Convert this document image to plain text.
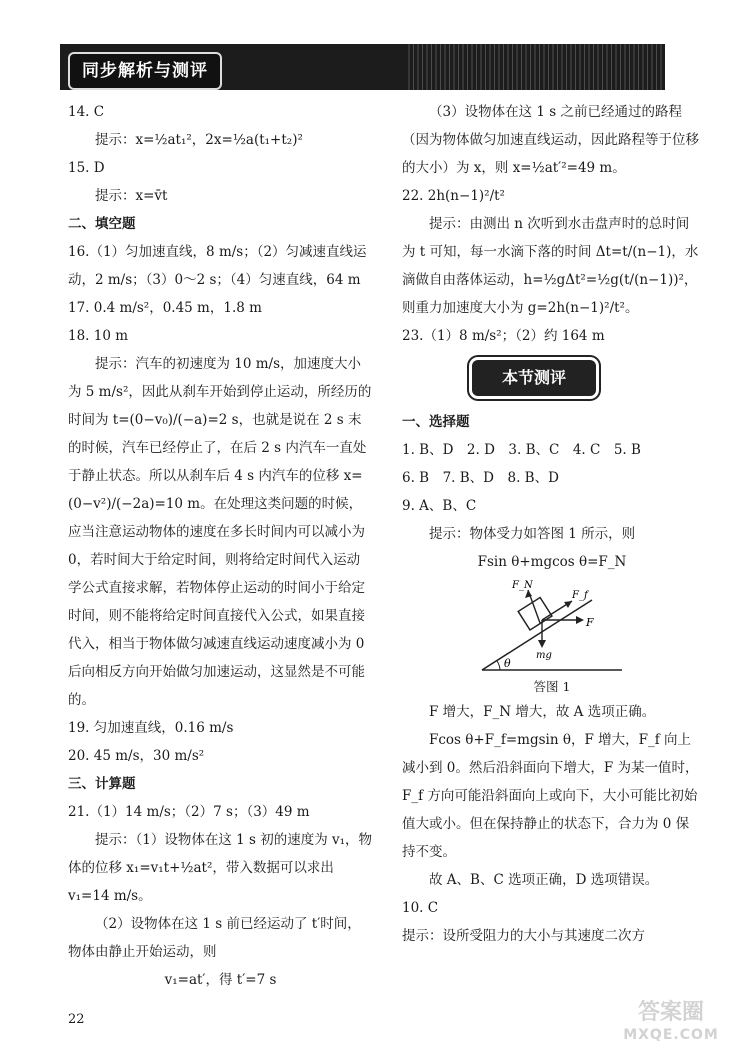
同步解析与测评

14. C

提示：x=½at₁²，2x=½a(t₁+t₂)²

15. D

提示：x=v̄t

二、填空题

16.（1）匀加速直线，8 m/s；（2）匀减速直线运动，2 m/s；（3）0～2 s；（4）匀速直线，64 m

17. 0.4 m/s²，0.45 m，1.8 m

18. 10 m

提示：汽车的初速度为 10 m/s，加速度大小为 5 m/s²，因此从刹车开始到停止运动，所经历的时间为 t=(0−v₀)/(−a)=2 s，也就是说在 2 s 末的时候，汽车已经停止了，在后 2 s 内汽车一直处于静止状态。所以从刹车后 4 s 内汽车的位移 x=(0−v²)/(−2a)=10 m。在处理这类问题的时候，应当注意运动物体的速度在多长时间内可以减小为 0，若时间大于给定时间，则将给定时间代入运动学公式直接求解，若物体停止运动的时间小于给定时间，则不能将给定时间直接代入公式，如果直接代入，相当于物体做匀减速直线运动速度减小为 0 后向相反方向开始做匀加速运动，这显然是不可能的。

19. 匀加速直线，0.16 m/s

20. 45 m/s，30 m/s²

三、计算题

21.（1）14 m/s；（2）7 s；（3）49 m

提示：（1）设物体在这 1 s 初的速度为 v₁，物体的位移 x₁=v₁t+½at²，带入数据可以求出 v₁=14 m/s。

（2）设物体在这 1 s 前已经运动了 t′时间，物体由静止开始运动，则

v₁=at′，得 t′=7 s

（3）设物体在这 1 s 之前已经通过的路程（因为物体做匀加速直线运动，因此路程等于位移的大小）为 x，则 x=½at′²=49 m。

22. 2h(n−1)²/t²

提示：由测出 n 次听到水击盘声时的总时间为 t 可知，每一水滴下落的时间 Δt=t/(n−1)，水滴做自由落体运动，h=½gΔt²=½g(t/(n−1))²，则重力加速度大小为 g=2h(n−1)²/t²。

23.（1）8 m/s²；（2）约 164 m

本节测评

一、选择题

1. B、D　2. D　3. B、C　4. C　5. B

6. B　7. B、D　8. B、D

9. A、B、C

提示：物体受力如答图 1 所示，则

Fsin θ+mgcos θ=F_N

θ
F_N
F_f
F
mg
答图 1

F 增大，F_N 增大，故 A 选项正确。

Fcos θ+F_f=mgsin θ，F 增大，F_f 向上减小到 0。然后沿斜面向下增大，F 为某一值时，F_f 方向可能沿斜面向上或向下，大小可能比初始值大或小。但在保持静止的状态下，合力为 0 保持不变。

故 A、B、C 选项正确，D 选项错误。

10. C

提示：设所受阻力的大小与其速度二次方

22	答案圈
MXQE.COM
